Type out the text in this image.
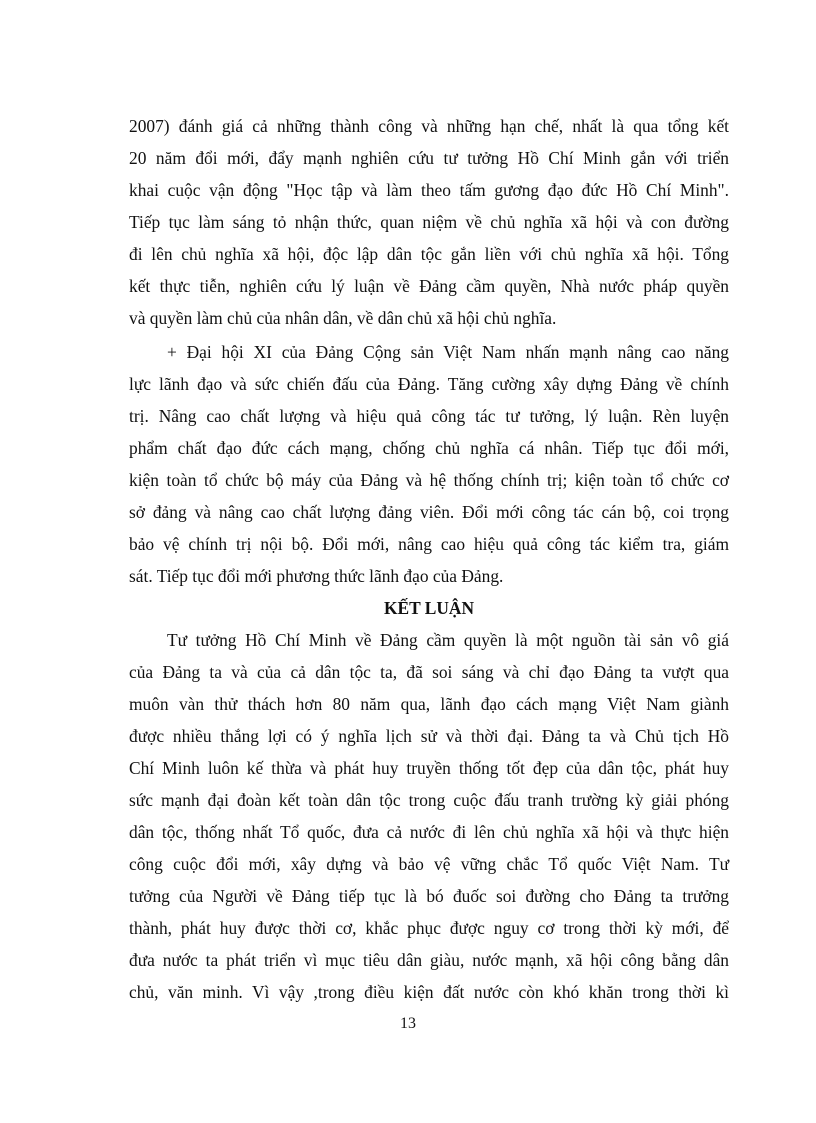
2007) đánh giá cả những thành công và những hạn chế, nhất là qua tổng kết
20 năm đổi mới, đẩy mạnh nghiên cứu tư tưởng Hồ Chí Minh gắn với triển
khai cuộc vận động "Học tập và làm theo tấm gương đạo đức Hồ Chí Minh".
Tiếp tục làm sáng tỏ nhận thức, quan niệm về chủ nghĩa xã hội và con đường
đi lên chủ nghĩa xã hội, độc lập dân tộc gắn liền với chủ nghĩa xã hội. Tổng
kết thực tiễn, nghiên cứu lý luận về Đảng cầm quyền, Nhà nước pháp quyền
và quyền làm chủ của nhân dân, về dân chủ xã hội chủ nghĩa.
+ Đại hội XI của Đảng Cộng sản Việt Nam nhấn mạnh nâng cao năng
lực lãnh đạo và sức chiến đấu của Đảng. Tăng cường xây dựng Đảng về chính
trị. Nâng cao chất lượng và hiệu quả công tác tư tưởng, lý luận. Rèn luyện
phẩm chất đạo đức cách mạng, chống chủ nghĩa cá nhân. Tiếp tục đổi mới,
kiện toàn tổ chức bộ máy của Đảng và hệ thống chính trị; kiện toàn tổ chức cơ
sở đảng và nâng cao chất lượng đảng viên. Đổi mới công tác cán bộ, coi trọng
bảo vệ chính trị nội bộ. Đổi mới, nâng cao hiệu quả công tác kiểm tra, giám
sát. Tiếp tục đổi mới phương thức lãnh đạo của Đảng.
KẾT LUẬN
Tư tưởng Hồ Chí Minh về Đảng cầm quyền là một nguồn tài sản vô giá
của Đảng ta và của cả dân tộc ta, đã soi sáng và chỉ đạo Đảng ta vượt qua
muôn vàn thử thách hơn 80 năm qua, lãnh đạo cách mạng Việt Nam giành
được nhiều thắng lợi có ý nghĩa lịch sử và thời đại. Đảng ta và Chủ tịch Hồ
Chí Minh luôn kế thừa và phát huy truyền thống tốt đẹp của dân tộc, phát huy
sức mạnh đại đoàn kết toàn dân tộc trong cuộc đấu tranh trường kỳ giải phóng
dân tộc, thống nhất Tổ quốc, đưa cả nước đi lên chủ nghĩa xã hội và thực hiện
công cuộc đổi mới, xây dựng và bảo vệ vững chắc Tổ quốc Việt Nam. Tư
tưởng của Người về Đảng tiếp tục là bó đuốc soi đường cho Đảng ta trưởng
thành, phát huy được thời cơ, khắc phục được nguy cơ trong thời kỳ mới, để
đưa nước ta phát triển vì mục tiêu dân giàu, nước mạnh, xã hội công bằng dân
chủ, văn minh. Vì vậy ,trong điều kiện đất nước còn khó khăn trong thời kì
13
